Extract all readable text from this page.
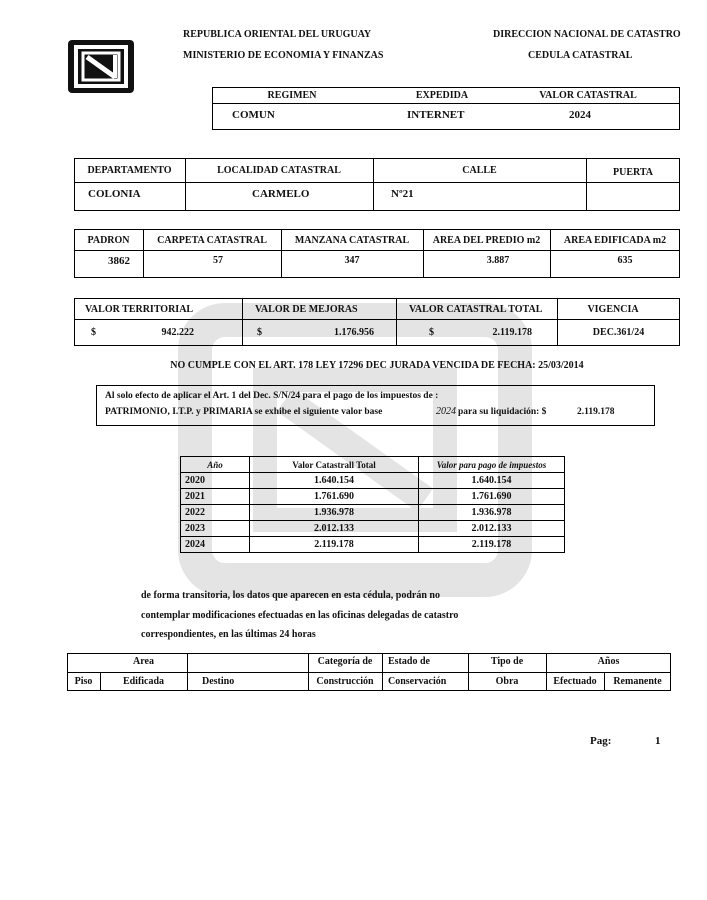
REPUBLICA ORIENTAL DEL URUGUAY
MINISTERIO DE ECONOMIA Y FINANZAS
DIRECCION NACIONAL DE CATASTRO
CEDULA CATASTRAL
REGIMEN	EXPEDIDA	VALOR CATASTRAL
COMUN	INTERNET	2024
DEPARTAMENTO	LOCALIDAD CATASTRAL	CALLE	PUERTA
COLONIA	CARMELO	Nº21
PADRON	CARPETA CATASTRAL	MANZANA CATASTRAL	AREA DEL PREDIO m2	AREA EDIFICADA m2
3862	57	347	3.887	635
VALOR TERRITORIAL	VALOR DE MEJORAS	VALOR CATASTRAL TOTAL	VIGENCIA
$	942.222	$	1.176.956	$	2.119.178	DEC.361/24
NO CUMPLE CON EL ART. 178 LEY 17296 DEC JURADA VENCIDA DE FECHA: 25/03/2014
Al solo efecto de aplicar el Art. 1 del Dec. S/N/24 para el pago de los impuestos de :
PATRIMONIO, I.T.P. y PRIMARIA se exhibe el siguiente valor base	2024 para su liquidación: $	2.119.178
Año	Valor Catastrall Total	Valor para pago de impuestos
2020	1.640.154	1.640.154
2021	1.761.690	1.761.690
2022	1.936.978	1.936.978
2023	2.012.133	2.012.133
2024	2.119.178	2.119.178
de forma transitoria, los datos que aparecen en esta cédula, podrán no
contemplar modificaciones efectuadas en las oficinas delegadas de catastro
correspondientes, en las últimas 24 horas
Area	Categoría de	Estado de	Tipo de	Años
Piso	Edificada	Destino	Construcción	Conservación	Obra	Efectuado	Remanente
Pag:	1
